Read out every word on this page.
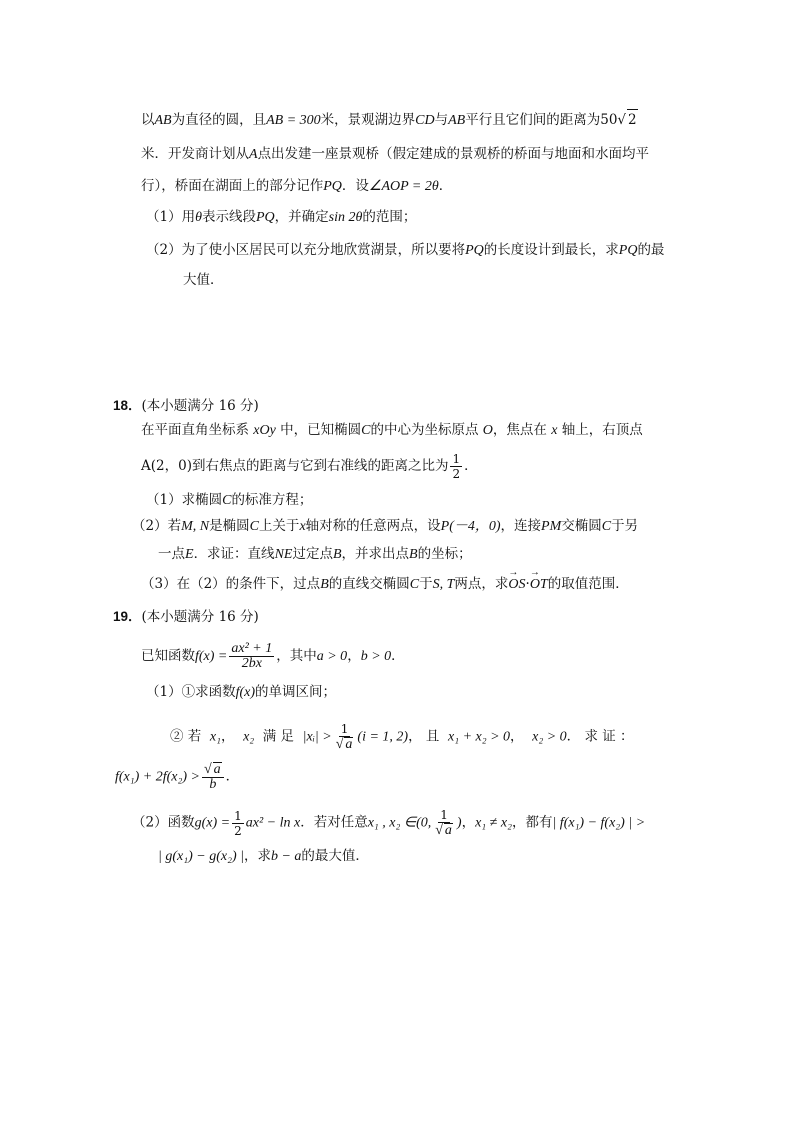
以AB为直径的圆，且AB = 300米，景观湖边界CD与AB平行且它们间的距离为50√ 2
米．开发商计划从A点出发建一座景观桥（假定建成的景观桥的桥面与地面和水面均平
行），桥面在湖面上的部分记作PQ．设∠AOP = 2θ．
（1）用θ表示线段PQ，并确定sin 2θ的范围；
（2）为了使小区居民可以充分地欣赏湖景，所以要将PQ的长度设计到最长，求PQ的最
大值．
18．(本小题满分 16 分)
在平面直角坐标系 xOy 中，已知椭圆C的中心为坐标原点 O，焦点在 x 轴上，右顶点
A(2，0)到右焦点的距离与它到右准线的距离之比为 $\frac{1}{2}$ ．
（1）求椭圆C的标准方程；
（2）若M, N是椭圆C上关于x轴对称的任意两点，设P(－4，0)，连接PM交椭圆C于另
一点E．求证：直线NE过定点B，并求出点B的坐标；
（3）在（2）的条件下，过点B的直线交椭圆C于S, T两点，求→ OS·→ OT的取值范围．
19．(本小题满分 16 分)
已知函数$f(x) = \frac{\text{ax² + 1}}{2bx}$ ，其中a > 0，b > 0．
（1）①求函数f(x)的单调区间；
② 若 x₁， x₂ 满 足 |xᵢ| > $\frac{1}{√ a} (i = 1$, 2)， 且 x₁ + x₂ > 0， x₂ > 0． 求 证 ：
$f(x_1) + 2f(x_2) > \frac{√ a}{b}$ ．
（2）函数$g(x) = \frac{1}{2} ax^2 - \ln x$．若对任意x₁ , x₂ ∈(0, $\frac{1}{√ a}$ )，x₁ ≠ x₂，都有| f(x₁) − f(x₂) | >
| g(x₁) − g(x₂) |，求b − a的最大值．
